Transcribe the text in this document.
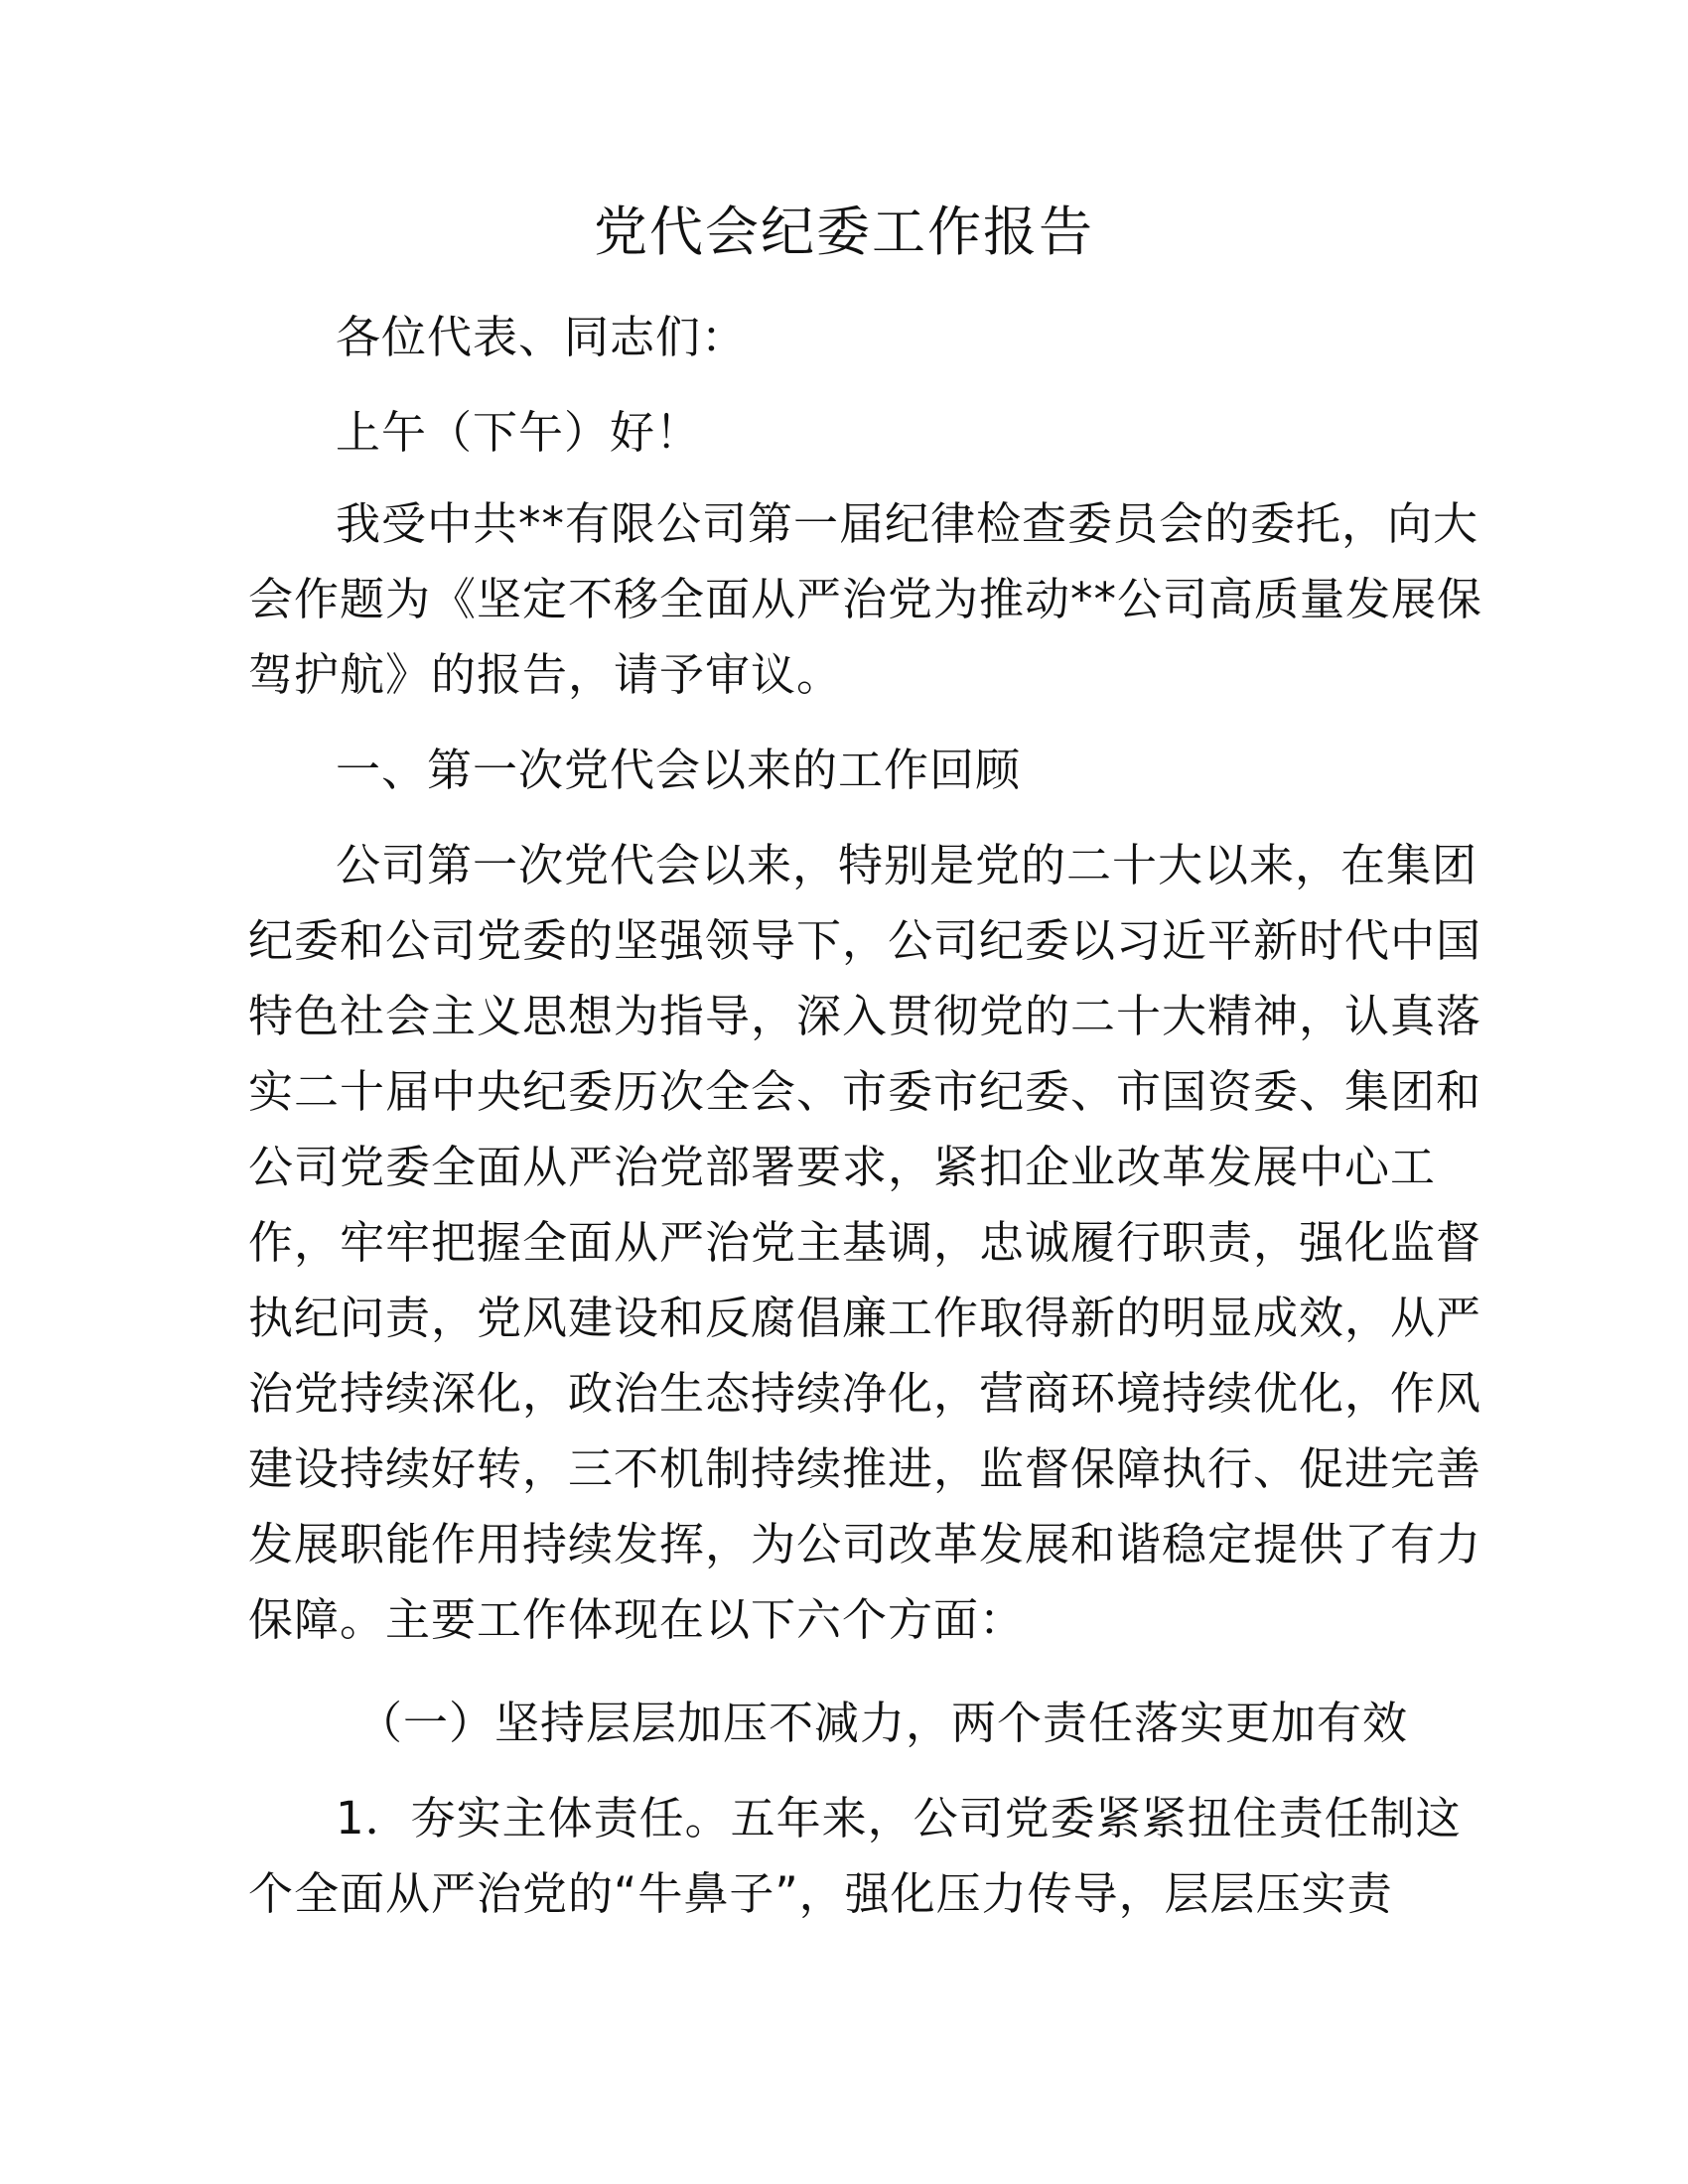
党代会纪委工作报告
各位代表、同志们：
上午（下午）好！
我受中共**有限公司第一届纪律检查委员会的委托，向大
会作题为《坚定不移全面从严治党为推动**公司高质量发展保
驾护航》的报告，请予审议。
一、第一次党代会以来的工作回顾
公司第一次党代会以来，特别是党的二十大以来，在集团
纪委和公司党委的坚强领导下，公司纪委以习近平新时代中国
特色社会主义思想为指导，深入贯彻党的二十大精神，认真落
实二十届中央纪委历次全会、市委市纪委、市国资委、集团和
公司党委全面从严治党部署要求，紧扣企业改革发展中心工
作，牢牢把握全面从严治党主基调，忠诚履行职责，强化监督
执纪问责，党风建设和反腐倡廉工作取得新的明显成效，从严
治党持续深化，政治生态持续净化，营商环境持续优化，作风
建设持续好转，三不机制持续推进，监督保障执行、促进完善
发展职能作用持续发挥，为公司改革发展和谐稳定提供了有力
保障。主要工作体现在以下六个方面：
（一）坚持层层加压不减力，两个责任落实更加有效
1．夯实主体责任。五年来，公司党委紧紧扭住责任制这
个全面从严治党的“牛鼻子”，强化压力传导，层层压实责
